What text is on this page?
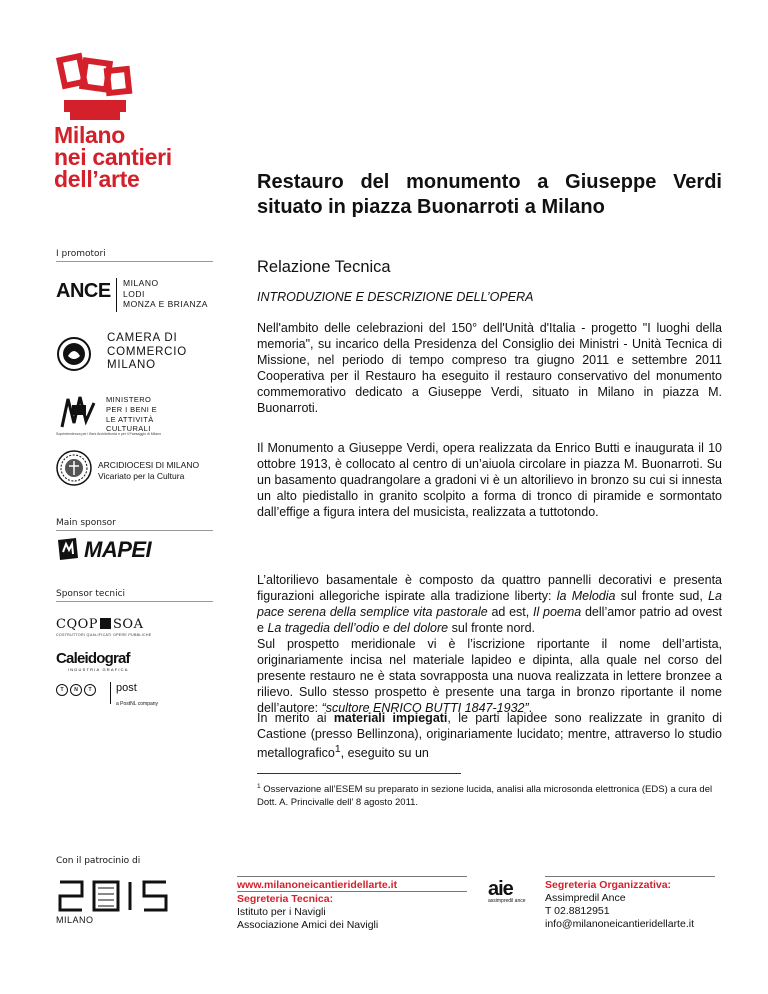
Milano
nei cantieri
dell’arte
I promotori
ANCE MILANO
LODI
MONZA E BRIANZA
CAMERA DI
COMMERCIO
MILANO
MINISTERO
PER I BENI E
LE ATTIVITÀ
CULTURALI
Soprintendenza per i Beni Architettonici e per il Paesaggio di Milano
ARCIDIOCESI DI MILANO
Vicariato per la Cultura
Main sponsor
MAPEI
Sponsor tecnici
CQOP SOA
COSTRUTTORI QUALIFICATI OPERE PUBBLICHE
Caleidograf
INDUSTRIA GRAFICA
T	N	T	post
a PostNL company
Con il patrocinio di
MILANO
Restauro del monumento a Giuseppe Verdi situato in piazza Buonarroti a Milano
Relazione Tecnica
INTRODUZIONE E DESCRIZIONE DELL’OPERA
Nell'ambito delle celebrazioni del 150° dell'Unità d'Italia - progetto "I luoghi della memoria", su incarico della Presidenza del Consiglio dei Ministri - Unità Tecnica di Missione, nel periodo di tempo compreso tra giugno 2011 e settembre 2011 Cooperativa per il Restauro ha eseguito il restauro conservativo del monumento commemorativo dedicato a Giuseppe Verdi, situato in Milano in piazza M. Buonarroti.
Il Monumento a Giuseppe Verdi, opera realizzata da Enrico Butti e inaugurata il 10 ottobre 1913, è collocato al centro di un’aiuola circolare in piazza M. Buonarroti. Su un basamento quadrangolare a gradoni vi è un altorilievo in bronzo su cui si innesta un alto piedistallo in granito scolpito a forma di tronco di piramide e sormontato dall’effige a figura intera del musicista, realizzata a tuttotondo.
L’altorilievo basamentale è composto da quattro pannelli decorativi e presenta figurazioni allegoriche ispirate alla tradizione liberty: la Melodia sul fronte sud, La pace serena della semplice vita pastorale ad est, Il poema dell’amor patrio ad ovest e La tragedia dell’odio e del dolore sul fronte nord.
Sul prospetto meridionale vi è l’iscrizione riportante il nome dell’artista, originariamente incisa nel materiale lapideo e dipinta, alla quale nel corso del presente restauro ne è stata sovrapposta una nuova realizzata in lettere bronzee a rilievo. Sullo stesso prospetto è presente una targa in bronzo riportante il nome dell’autore: “scultore ENRICO BUTTI 1847-1932”.
In merito ai materiali impiegati, le parti lapidee sono realizzate in granito di Castione (presso Bellinzona), originariamente lucidato; mentre, attraverso lo studio metallografico$^1$, eseguito su un
$^1$ Osservazione all’ESEM su preparato in sezione lucida, analisi alla microsonda elettronica (EDS) a cura del Dott. A. Princivalle dell’ 8 agosto 2011.
www.milanoneicantieridellarte.it
Segreteria Tecnica:
Istituto per i Navigli
Associazione Amici dei Navigli
aie
assimpredil ance
Segreteria Organizzativa:
Assimpredil Ance
T 02.8812951
info@milanoneicantieridellarte.it
